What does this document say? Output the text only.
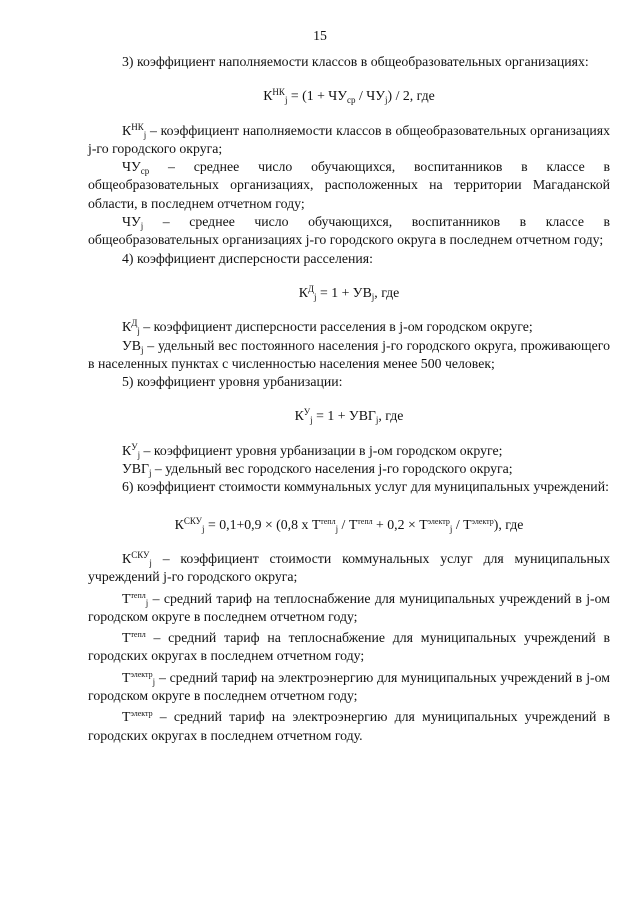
15

3) коэффициент наполняемости классов в общеобразовательных организациях:

$К^{НК}_j = (1 + ЧУ_{ср} / ЧУ_j) / 2$, где

$К^{НК}_j$ – коэффициент наполняемости классов в общеобразовательных организациях j-го городского округа;

$ЧУ_{ср}$ – среднее число обучающихся, воспитанников в классе в общеобразовательных организациях, расположенных на территории Магаданской области, в последнем отчетном году;

$ЧУ_j$ – среднее число обучающихся, воспитанников в классе в общеобразовательных организациях j-го городского округа в последнем отчетном году;

4) коэффициент дисперсности расселения:

$К^Д_j = 1 + УВ_j$, где

$К^Д_j$ – коэффициент дисперсности расселения в j-ом городском округе;

$УВ_j$ – удельный вес постоянного населения j-го городского округа, проживающего в населенных пунктах с численностью населения менее 500 человек;

5) коэффициент уровня урбанизации:

$К^У_j = 1 + УВГ_j$, где

$К^У_j$ – коэффициент уровня урбанизации в j-ом городском округе;

$УВГ_j$ – удельный вес городского населения j-го городского округа;

6) коэффициент стоимости коммунальных услуг для муниципальных учреждений:

$К^{СКУ}_j = 0,1+0,9 \times (0,8$ х $Т^{тепл}_j / Т^{тепл} + 0,2 \times Т^{электр}_j / Т^{электр}$), где

$К^{СКУ}_j$ – коэффициент стоимости коммунальных услуг для муниципальных учреждений j-го городского округа;

$Т^{тепл}_j$ – средний тариф на теплоснабжение для муниципальных учреждений в j-ом городском округе в последнем отчетном году;

$Т^{тепл}$ – средний тариф на теплоснабжение для муниципальных учреждений в городских округах в последнем отчетном году;

$Т^{электр}_j$ – средний тариф на электроэнергию для муниципальных учреждений в j-ом городском округе в последнем отчетном году;

$Т^{электр}$ – средний тариф на электроэнергию для муниципальных учреждений в городских округах в последнем отчетном году.
